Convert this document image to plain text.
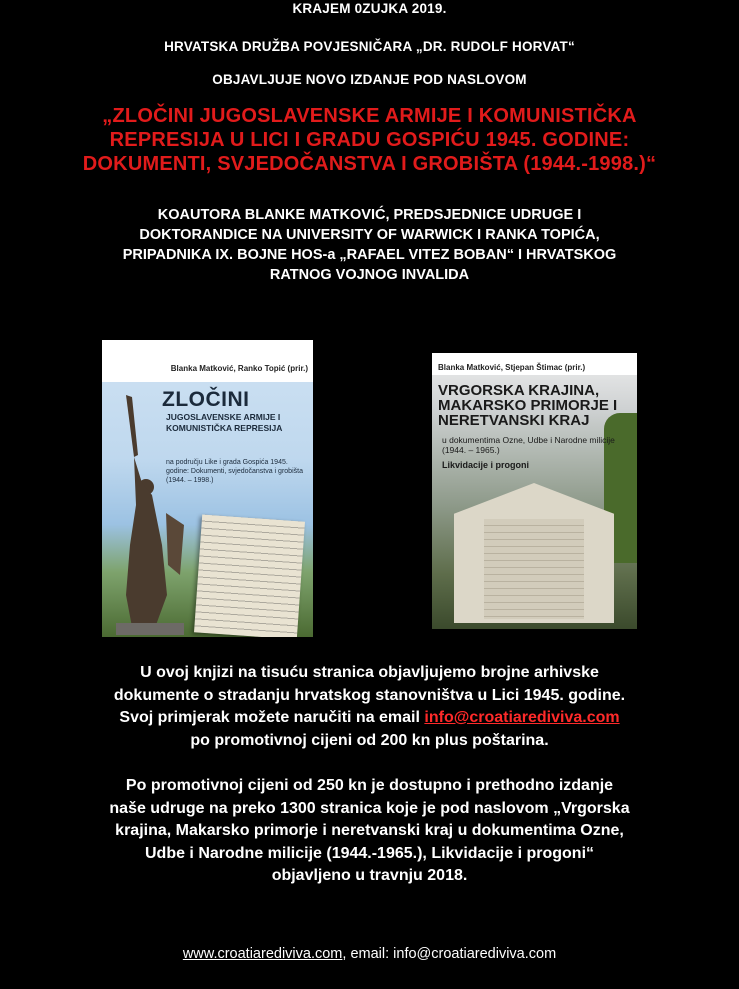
KRAJEM 0ZUJKA 2019.
HRVATSKA DRUŽBA POVJESNIČARA „DR. RUDOLF HORVAT“
OBJAVLJUJE NOVO IZDANJE POD NASLOVOM
„ZLOČINI JUGOSLAVENSKE ARMIJE I KOMUNISTIČKA
REPRESIJA U LICI I GRADU GOSPIĆU 1945. GODINE:
DOKUMENTI, SVJEDOČANSTVA I GROBIŠTA (1944.-1998.)“
KOAUTORA BLANKE MATKOVIĆ, PREDSJEDNICE UDRUGE I
DOKTORANDICE NA UNIVERSITY OF WARWICK I RANKA TOPIĆA,
PRIPADNIKA IX. BOJNE HOS-a „RAFAEL VITEZ BOBAN“ I HRVATSKOG
RATNOG VOJNOG INVALIDA
Blanka Matković, Ranko Topić (prir.)
ZLOČINI
JUGOSLAVENSKE ARMIJE I KOMUNISTIČKA REPRESIJA
na području Like i grada Gospića 1945. godine: Dokumenti, svjedočanstva i grobišta (1944. – 1998.)
Blanka Matković, Stjepan Štimac (prir.)
VRGORSKA KRAJINA, MAKARSKO PRIMORJE I NERETVANSKI KRAJ
u dokumentima Ozne, Udbe i Narodne milicije (1944. – 1965.)
Likvidacije i progoni
U ovoj knjizi na tisuću stranica objavljujemo brojne arhivske
dokumente o stradanju hrvatskog stanovništva u Lici 1945. godine.
Svoj primjerak možete naručiti na email info@croatiarediviva.com
po promotivnoj cijeni od 200 kn plus poštarina.
Po promotivnoj cijeni od 250 kn je dostupno i prethodno izdanje
naše udruge na preko 1300 stranica koje je pod naslovom „Vrgorska
krajina, Makarsko primorje i neretvanski kraj u dokumentima Ozne,
Udbe i Narodne milicije (1944.-1965.), Likvidacije i progoni“
objavljeno u travnju 2018.
www.croatiarediviva.com, email: info@croatiarediviva.com
